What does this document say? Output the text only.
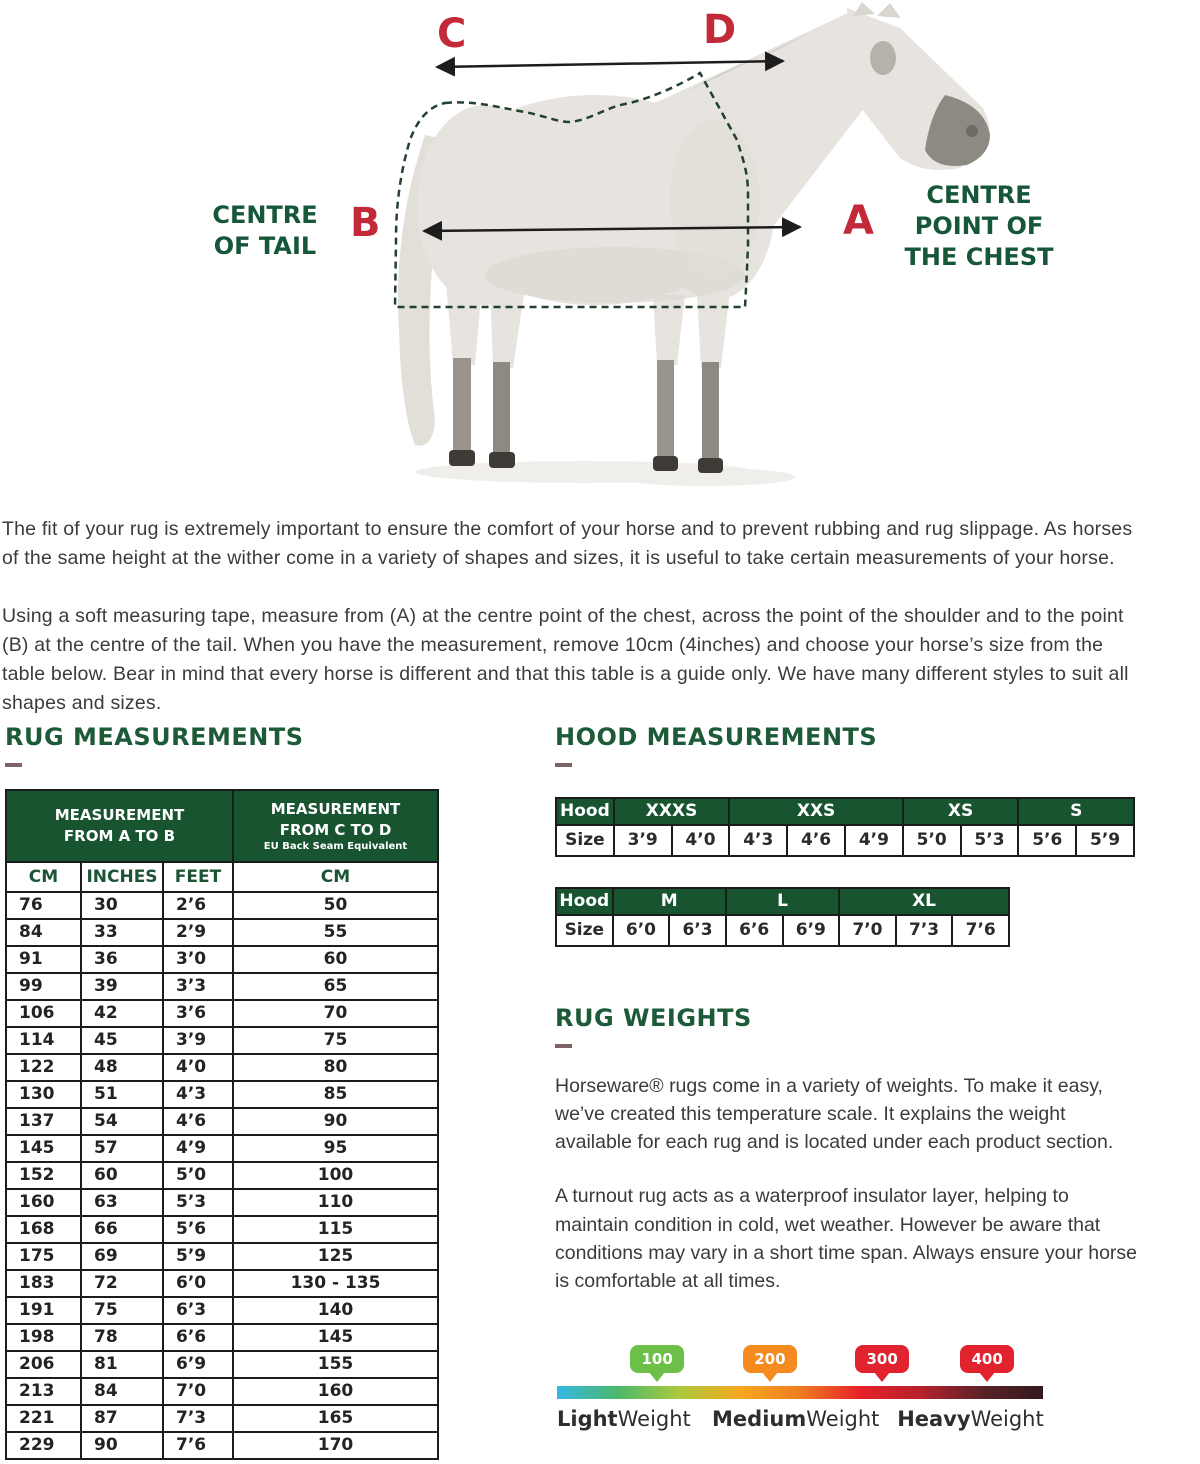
C	D
B	A
CENTRE
OF TAIL
CENTRE
POINT OF
THE CHEST

The fit of your rug is extremely important to ensure the comfort of your horse and to prevent rubbing and rug slippage. As horses of the same height at the wither come in a variety of shapes and sizes, it is useful to take certain measurements of your horse.

Using a soft measuring tape, measure from (A) at the centre point of the chest, across the point of the shoulder and to the point (B) at the centre of the tail. When you have the measurement, remove 10cm (4inches) and choose your horse’s size from the table below. Bear in mind that every horse is different and that this table is a guide only. We have many different styles to suit all shapes and sizes.

RUG MEASUREMENTS
MEASUREMENT
FROM A TO B			MEASUREMENT
FROM C TO D
EU Back Seam Equivalent

CM	INCHES	FEET	CM
76	30	2’6	50
84	33	2’9	55
91	36	3’0	60
99	39	3’3	65
106	42	3’6	70
114	45	3’9	75
122	48	4’0	80
130	51	4’3	85
137	54	4’6	90
145	57	4’9	95
152	60	5’0	100
160	63	5’3	110
168	66	5’6	115
175	69	5’9	125
183	72	6’0	130 - 135
191	75	6’3	140
198	78	6’6	145
206	81	6’9	155
213	84	7’0	160
221	87	7’3	165
229	90	7’6	170
HOOD MEASUREMENTS
Hood	XXXS		XXS			XS		S	
Size	3’9	4’0	4’3	4’6	4’9	5’0	5’3	5’6	5’9
Hood	M		L		XL		
Size	6’0	6’3	6’6	6’9	7’0	7’3	7’6
RUG WEIGHTS

Horseware® rugs come in a variety of weights. To make it easy, we’ve created this temperature scale. It explains the weight available for each rug and is located under each product section.

A turnout rug acts as a waterproof insulator layer, helping to maintain condition in cold, wet weather. However be aware that conditions may vary in a short time span. Always ensure your horse is comfortable at all times.

100	200	300	400
LightWeight MediumWeight HeavyWeight
